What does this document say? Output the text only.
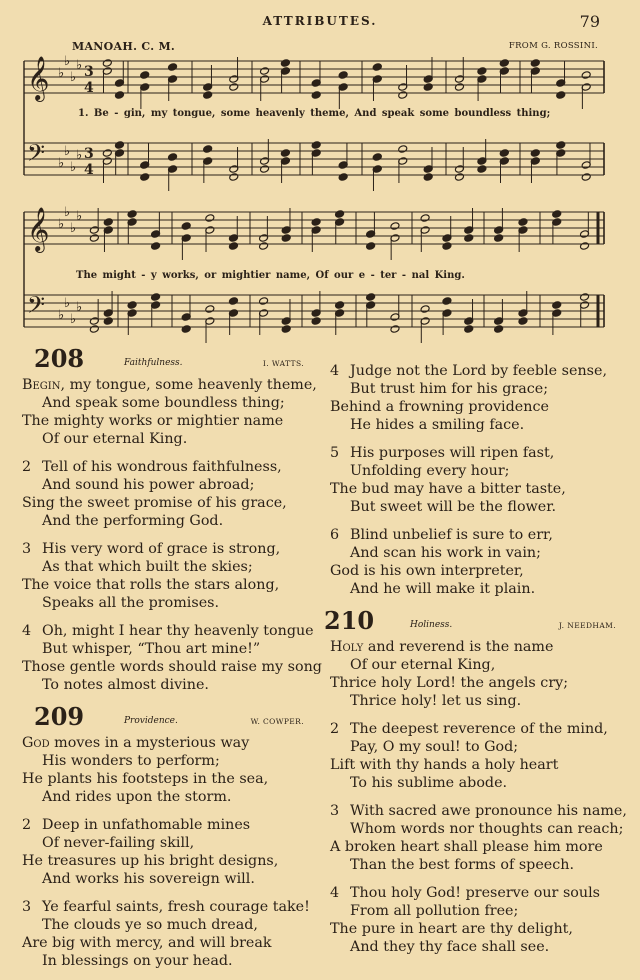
ATTRIBUTES.	79
MANOAH. C. M.	FROM G. ROSSINI.
𝄞 ♭
♭
♭
♭ 3
4
𝄢 ♭
♭
♭
♭ 3
4
𝄞 ♭
♭
♭
♭
𝄢 ♭
♭
♭
♭
1. Be - gin, my tongue, some heavenly theme, And speak some boundless thing;
The might - y works, or mightier name, Of our e - ter - nal King.
208	Faithfulness.	I. WATTS.
Begin, my tongue, some heavenly theme,
And speak some boundless thing;
The mighty works or mightier name
Of our eternal King.
2 Tell of his wondrous faithfulness,
And sound his power abroad;
Sing the sweet promise of his grace,
And the performing God.
3 His very word of grace is strong,
As that which built the skies;
The voice that rolls the stars along,
Speaks all the promises.
4 Oh, might I hear thy heavenly tongue
But whisper, “Thou art mine!”
Those gentle words should raise my song
To notes almost divine.
209	Providence.	W. COWPER.
God moves in a mysterious way
His wonders to perform;
He plants his footsteps in the sea,
And rides upon the storm.
2 Deep in unfathomable mines
Of never-failing skill,
He treasures up his bright designs,
And works his sovereign will.
3 Ye fearful saints, fresh courage take!
The clouds ye so much dread,
Are big with mercy, and will break
In blessings on your head.
4 Judge not the Lord by feeble sense,
But trust him for his grace;
Behind a frowning providence
He hides a smiling face.
5 His purposes will ripen fast,
Unfolding every hour;
The bud may have a bitter taste,
But sweet will be the flower.
6 Blind unbelief is sure to err,
And scan his work in vain;
God is his own interpreter,
And he will make it plain.
210	Holiness.	J. NEEDHAM.
Holy and reverend is the name
Of our eternal King,
Thrice holy Lord! the angels cry;
Thrice holy! let us sing.
2 The deepest reverence of the mind,
Pay, O my soul! to God;
Lift with thy hands a holy heart
To his sublime abode.
3 With sacred awe pronounce his name,
Whom words nor thoughts can reach;
A broken heart shall please him more
Than the best forms of speech.
4 Thou holy God! preserve our souls
From all pollution free;
The pure in heart are thy delight,
And they thy face shall see.
